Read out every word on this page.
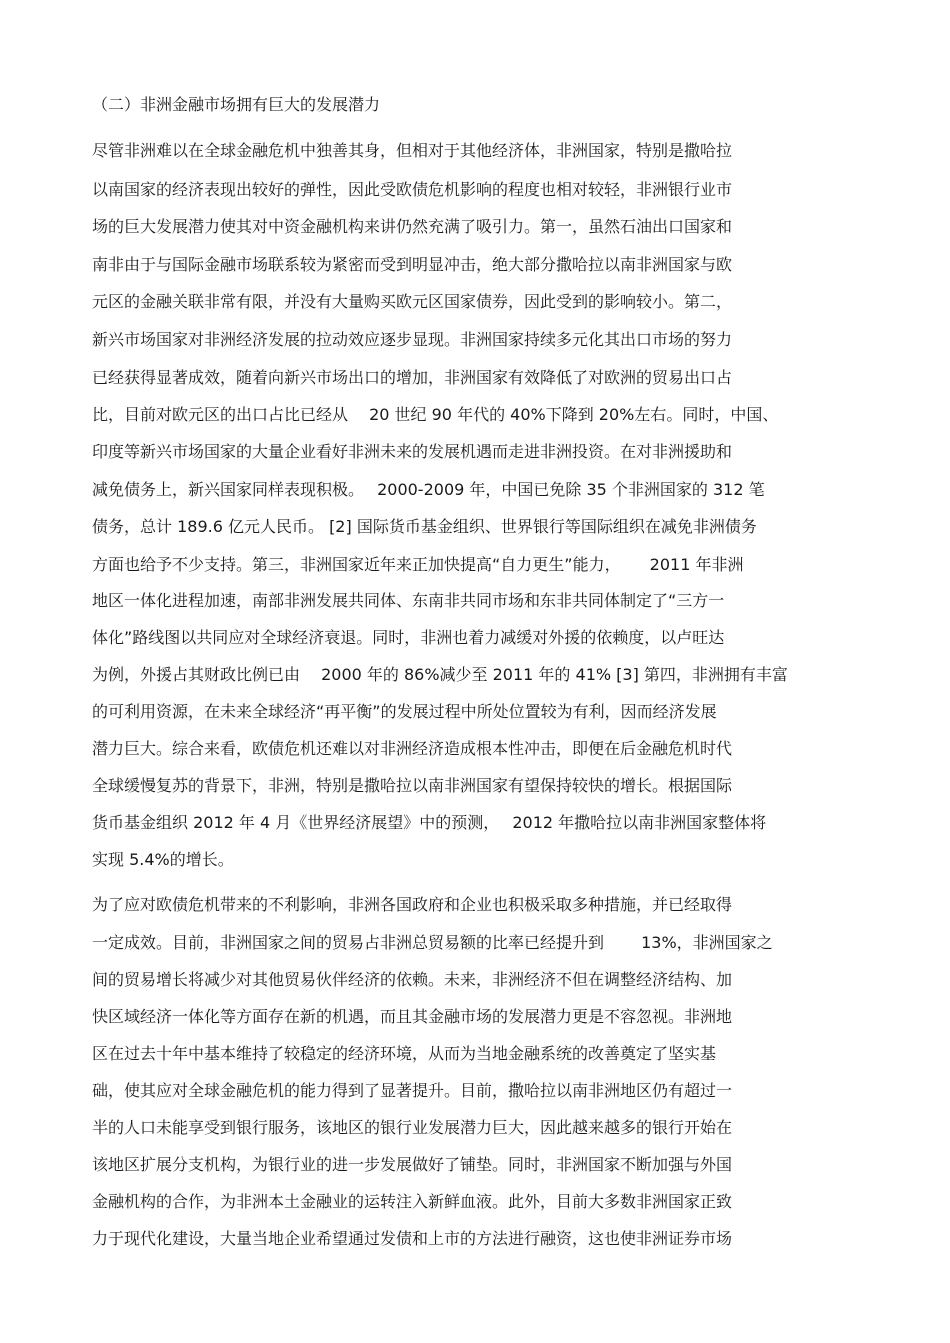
（二）非洲金融市场拥有巨大的发展潜力
尽管非洲难以在全球金融危机中独善其身，但相对于其他经济体，非洲国家，特别是撒哈拉
以南国家的经济表现出较好的弹性，因此受欧债危机影响的程度也相对较轻，非洲银行业市
场的巨大发展潜力使其对中资金融机构来讲仍然充满了吸引力。第一，虽然石油出口国家和
南非由于与国际金融市场联系较为紧密而受到明显冲击，绝大部分撒哈拉以南非洲国家与欧
元区的金融关联非常有限，并没有大量购买欧元区国家债券，因此受到的影响较小。第二，
新兴市场国家对非洲经济发展的拉动效应逐步显现。非洲国家持续多元化其出口市场的努力
已经获得显著成效，随着向新兴市场出口的增加，非洲国家有效降低了对欧洲的贸易出口占
比，目前对欧元区的出口占比已经从　 20 世纪 90 年代的 40%下降到 20%左右。同时，中国、
印度等新兴市场国家的大量企业看好非洲未来的发展机遇而走进非洲投资。在对非洲援助和
减免债务上，新兴国家同样表现积极。　 2000-2009 年，中国已免除 35 个非洲国家的 312 笔
债务，总计 189.6 亿元人民币。 [2] 国际货币基金组织、世界银行等国际组织在减免非洲债务
方面也给予不少支持。第三，非洲国家近年来正加快提高“自力更生”能力，　　 2011 年非洲
地区一体化进程加速，南部非洲发展共同体、东南非共同市场和东非共同体制定了“三方一
体化”路线图以共同应对全球经济衰退。同时，非洲也着力减缓对外援的依赖度，以卢旺达
为例，外援占其财政比例已由　 2000 年的 86%减少至 2011 年的 41% [3] 第四，非洲拥有丰富
的可利用资源，在未来全球经济“再平衡”的发展过程中所处位置较为有利，因而经济发展
潜力巨大。综合来看，欧债危机还难以对非洲经济造成根本性冲击，即便在后金融危机时代
全球缓慢复苏的背景下，非洲，特别是撒哈拉以南非洲国家有望保持较快的增长。根据国际
货币基金组织 2012 年 4 月《世界经济展望》中的预测，　 2012 年撒哈拉以南非洲国家整体将
实现 5.4%的增长。
为了应对欧债危机带来的不利影响，非洲各国政府和企业也积极采取多种措施，并已经取得
一定成效。目前，非洲国家之间的贸易占非洲总贸易额的比率已经提升到　　 13%，非洲国家之
间的贸易增长将减少对其他贸易伙伴经济的依赖。未来，非洲经济不但在调整经济结构、加
快区域经济一体化等方面存在新的机遇，而且其金融市场的发展潜力更是不容忽视。非洲地
区在过去十年中基本维持了较稳定的经济环境，从而为当地金融系统的改善奠定了坚实基
础，使其应对全球金融危机的能力得到了显著提升。目前，撒哈拉以南非洲地区仍有超过一
半的人口未能享受到银行服务，该地区的银行业发展潜力巨大，因此越来越多的银行开始在
该地区扩展分支机构，为银行业的进一步发展做好了铺垫。同时，非洲国家不断加强与外国
金融机构的合作，为非洲本土金融业的运转注入新鲜血液。此外，目前大多数非洲国家正致
力于现代化建设，大量当地企业希望通过发债和上市的方法进行融资，这也使非洲证券市场
